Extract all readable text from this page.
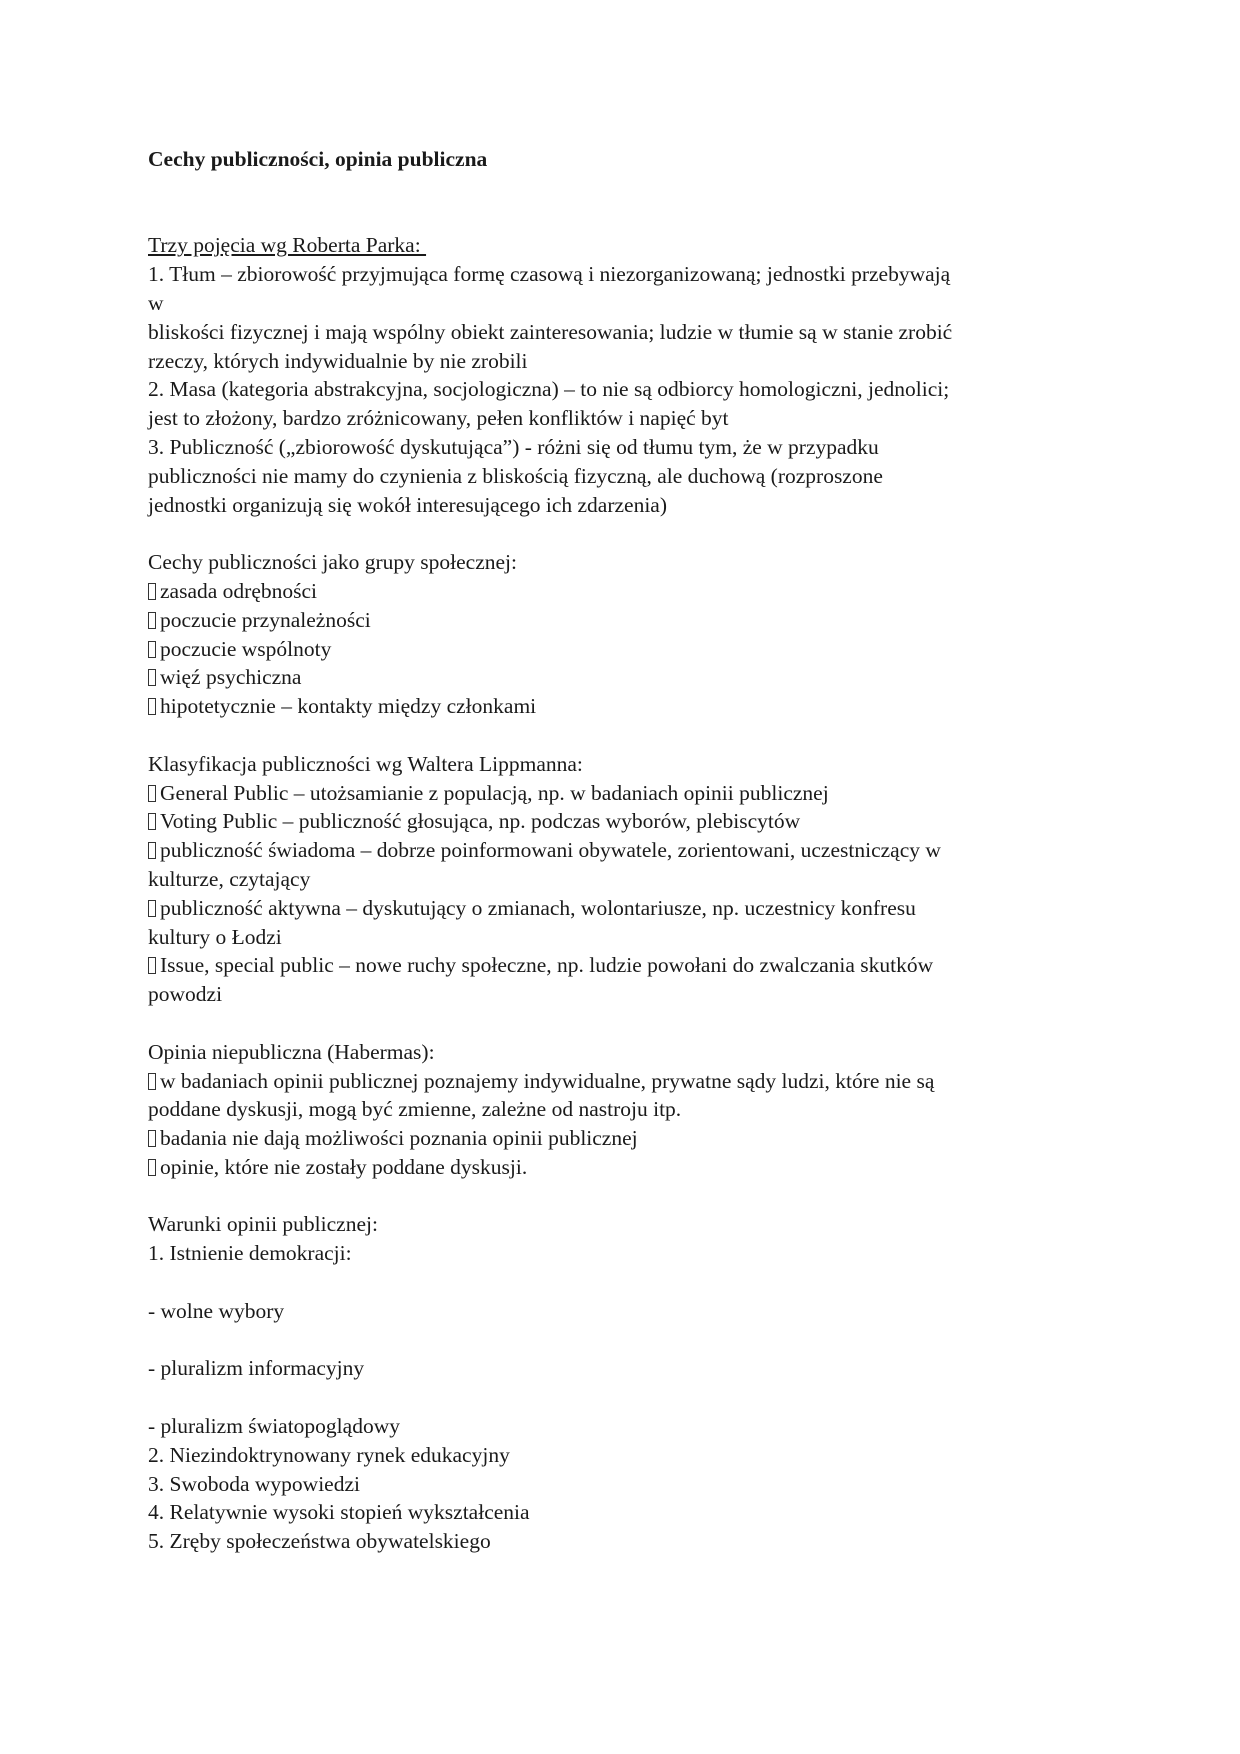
Cechy publiczności, opinia publiczna
Trzy pojęcia wg Roberta Parka:
1. Tłum – zbiorowość przyjmująca formę czasową i niezorganizowaną; jednostki przebywają
w
bliskości fizycznej i mają wspólny obiekt zainteresowania; ludzie w tłumie są w stanie zrobić
rzeczy, których indywidualnie by nie zrobili
2. Masa (kategoria abstrakcyjna, socjologiczna) – to nie są odbiorcy homologiczni, jednolici;
jest to złożony, bardzo zróżnicowany, pełen konfliktów i napięć byt
3. Publiczność („zbiorowość dyskutująca”) - różni się od tłumu tym, że w przypadku
publiczności nie mamy do czynienia z bliskością fizyczną, ale duchową (rozproszone
jednostki organizują się wokół interesującego ich zdarzenia)
Cechy publiczności jako grupy społecznej:
zasada odrębności
poczucie przynależności
poczucie wspólnoty
więź psychiczna
hipotetycznie – kontakty między członkami
Klasyfikacja publiczności wg Waltera Lippmanna:
General Public – utożsamianie z populacją, np. w badaniach opinii publicznej
Voting Public – publiczność głosująca, np. podczas wyborów, plebiscytów
publiczność świadoma – dobrze poinformowani obywatele, zorientowani, uczestniczący w
kulturze, czytający
publiczność aktywna – dyskutujący o zmianach, wolontariusze, np. uczestnicy konfresu
kultury o Łodzi
Issue, special public – nowe ruchy społeczne, np. ludzie powołani do zwalczania skutków
powodzi
Opinia niepubliczna (Habermas):
w badaniach opinii publicznej poznajemy indywidualne, prywatne sądy ludzi, które nie są
poddane dyskusji, mogą być zmienne, zależne od nastroju itp.
badania nie dają możliwości poznania opinii publicznej
opinie, które nie zostały poddane dyskusji.
Warunki opinii publicznej:
1. Istnienie demokracji:
- wolne wybory
- pluralizm informacyjny
- pluralizm światopoglądowy
2. Niezindoktrynowany rynek edukacyjny
3. Swoboda wypowiedzi
4. Relatywnie wysoki stopień wykształcenia
5. Zręby społeczeństwa obywatelskiego
